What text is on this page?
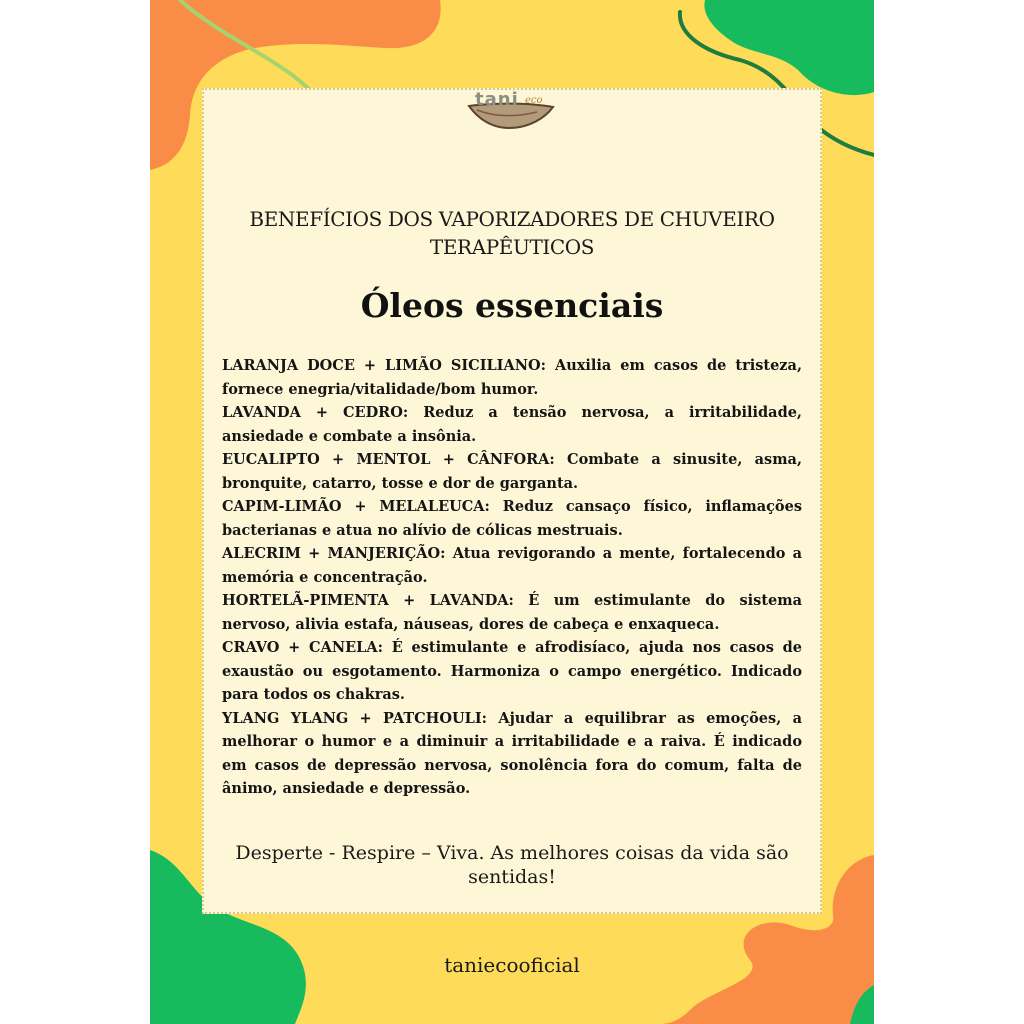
tani eco
BENEFÍCIOS DOS VAPORIZADORES DE CHUVEIRO
TERAPÊUTICOS
Óleos essenciais

LARANJA DOCE + LIMÃO SICILIANO: Auxilia em casos de tristeza, fornece enegria/vitalidade/bom humor.

LAVANDA + CEDRO: Reduz a tensão nervosa, a irritabilidade, ansiedade e combate a insônia.

EUCALIPTO + MENTOL + CÂNFORA: Combate a sinusite, asma, bronquite, catarro, tosse e dor de garganta.

CAPIM-LIMÃO + MELALEUCA: Reduz cansaço físico, inflamações bacterianas e atua no alívio de cólicas mestruais.

ALECRIM + MANJERIÇÃO: Atua revigorando a mente, fortalecendo a memória e concentração.

HORTELÃ-PIMENTA + LAVANDA: É um estimulante do sistema nervoso, alivia estafa, náuseas, dores de cabeça e enxaqueca.

CRAVO + CANELA: É estimulante e afrodisíaco, ajuda nos casos de exaustão ou esgotamento. Harmoniza o campo energético. Indicado para todos os chakras.

YLANG YLANG + PATCHOULI: Ajudar a equilibrar as emoções, a melhorar o humor e a diminuir a irritabilidade e a raiva. É indicado em casos de depressão nervosa, sonolência fora do comum, falta de ânimo, ansiedade e depressão.

Desperte - Respire – Viva. As melhores coisas da vida são
sentidas!

taniecooficial
